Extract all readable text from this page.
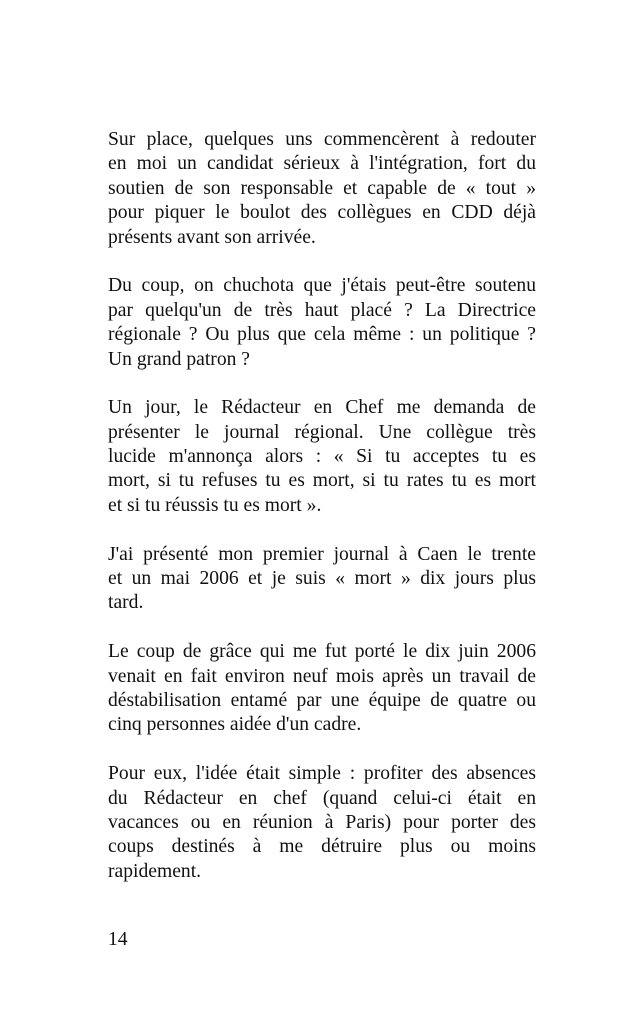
Sur place, quelques uns commencèrent à redouter
en moi un candidat sérieux à l'intégration, fort du
soutien de son responsable et capable de « tout »
pour piquer le boulot des collègues en CDD déjà
présents avant son arrivée.
Du coup, on chuchota que j'étais peut-être soutenu
par quelqu'un de très haut placé ? La Directrice
régionale ? Ou plus que cela même : un politique ?
Un grand patron ?
Un jour, le Rédacteur en Chef me demanda de
présenter le journal régional. Une collègue très
lucide m'annonça alors : « Si tu acceptes tu es
mort, si tu refuses tu es mort, si tu rates tu es mort
et si tu réussis tu es mort ».
J'ai présenté mon premier journal à Caen le trente
et un mai 2006 et je suis « mort » dix jours plus
tard.
Le coup de grâce qui me fut porté le dix juin 2006
venait en fait environ neuf mois après un travail de
déstabilisation entamé par une équipe de quatre ou
cinq personnes aidée d'un cadre.
Pour eux, l'idée était simple : profiter des absences
du Rédacteur en chef (quand celui-ci était en
vacances ou en réunion à Paris) pour porter des
coups destinés à me détruire plus ou moins
rapidement.
14
